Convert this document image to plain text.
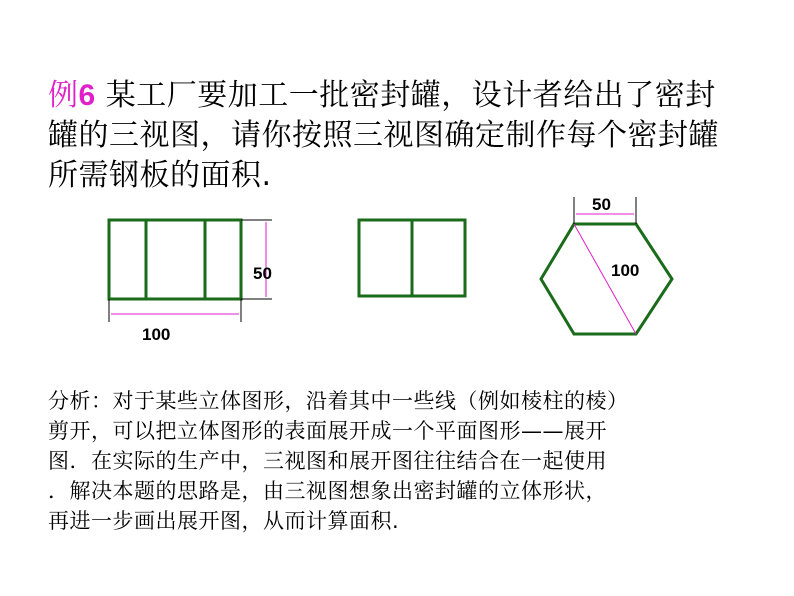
例6 某工厂要加工一批密封罐，设计者给出了密封
罐的三视图，请你按照三视图确定制作每个密封罐
所需钢板的面积.
50
100
50
100
分析：对于某些立体图形，沿着其中一些线（例如棱柱的棱）
剪开，可以把立体图形的表面展开成一个平面图形——展开
图．在实际的生产中，三视图和展开图往往结合在一起使用
．解决本题的思路是，由三视图想象出密封罐的立体形状，
再进一步画出展开图，从而计算面积.
